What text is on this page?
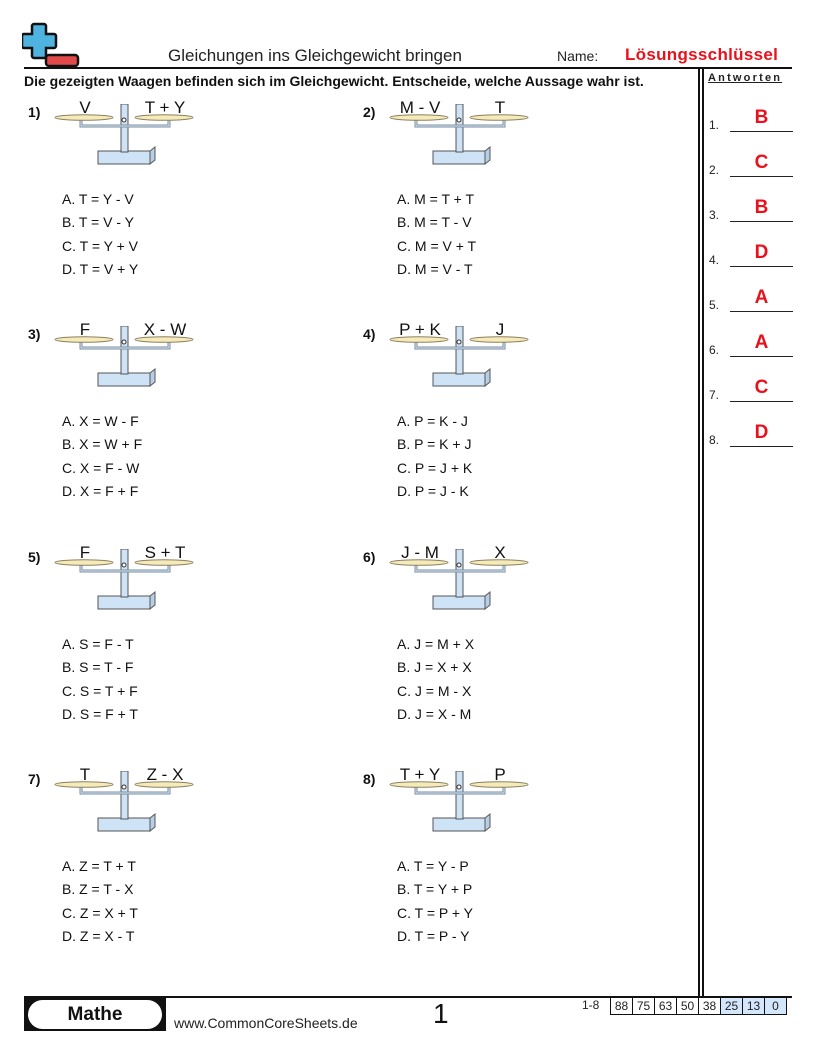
Gleichungen ins Gleichgewicht bringen	Name: Lösungsschlüssel
Die gezeigten Waagen befinden sich im Gleichgewicht. Entscheide, welche Aussage wahr ist.	Antworten
1.	B
2.	C
3.	B
4.	D
5.	A
6.	A
7.	C
8.	D
1)	V	T + Y
A. T = Y - V
B. T = V - Y
C. T = Y + V
D. T = V + Y
2)	M - V	T
A. M = T + T
B. M = T - V
C. M = V + T
D. M = V - T
3)	F	X - W
A. X = W - F
B. X = W + F
C. X = F - W
D. X = F + F
4)	P + K	J
A. P = K - J
B. P = K + J
C. P = J + K
D. P = J - K
5)	F	S + T
A. S = F - T
B. S = T - F
C. S = T + F
D. S = F + T
6)	J - M	X
A. J = M + X
B. J = X + X
C. J = M - X
D. J = X - M
7)	T	Z - X
A. Z = T + T
B. Z = T - X
C. Z = X + T
D. Z = X - T
8)	T + Y	P
A. T = Y - P
B. T = Y + P
C. T = P + Y
D. T = P - Y
Mathe	www.CommonCoreSheets.de	1	1-8	88 75 63 50 38 25 13 0
